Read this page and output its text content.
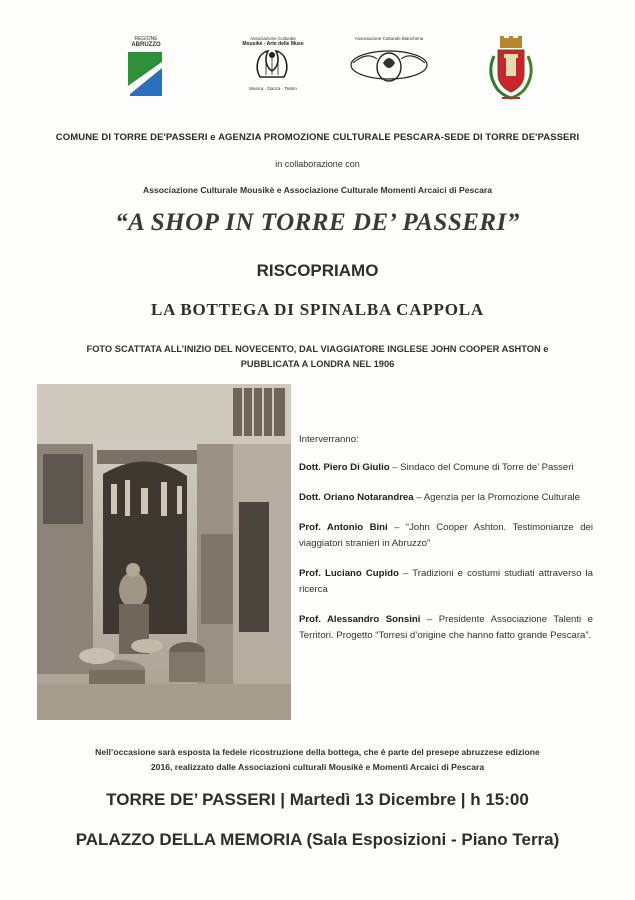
REGIONE
ABRUZZO
Associazione Culturale
Mousikè - Arte delle Muse
Musica · Danza · Teatro
Associazione Culturale Biancheria
COMUNE DI TORRE DE'PASSERI e AGENZIA PROMOZIONE CULTURALE PESCARA-SEDE DI TORRE DE'PASSERI
in collaborazione con
Associazione Culturale Mousikè e Associazione Culturale Momenti Arcaici di Pescara
“A SHOP IN TORRE DE’ PASSERI”
RISCOPRIAMO
LA BOTTEGA DI SPINALBA CAPPOLA
FOTO SCATTATA ALL’INIZIO DEL NOVECENTO, DAL VIAGGIATORE INGLESE JOHN COOPER ASHTON e
PUBBLICATA A LONDRA NEL 1906
Interverranno:
Dott. Piero Di Giulio – Sindaco del Comune di Torre de’ Passeri
Dott. Oriano Notarandrea – Agenzia per la Promozione Culturale
Prof. Antonio Bini – “John Cooper Ashton. Testimonianze dei viaggiatori stranieri in Abruzzo”
Prof. Luciano Cupido – Tradizioni e costumi studiati attraverso la ricerca
Prof. Alessandro Sonsini – Presidente Associazione Talenti e Territori. Progetto “Torresi d’origine che hanno fatto grande Pescara”.
Nell’occasione sarà esposta la fedele ricostruzione della bottega, che è parte del presepe abruzzese edizione
2016, realizzato dalle Associazioni culturali Mousikè e Momenti Arcaici di Pescara
TORRE DE’ PASSERI | Martedì 13 Dicembre | h 15:00
PALAZZO DELLA MEMORIA (Sala Esposizioni - Piano Terra)
